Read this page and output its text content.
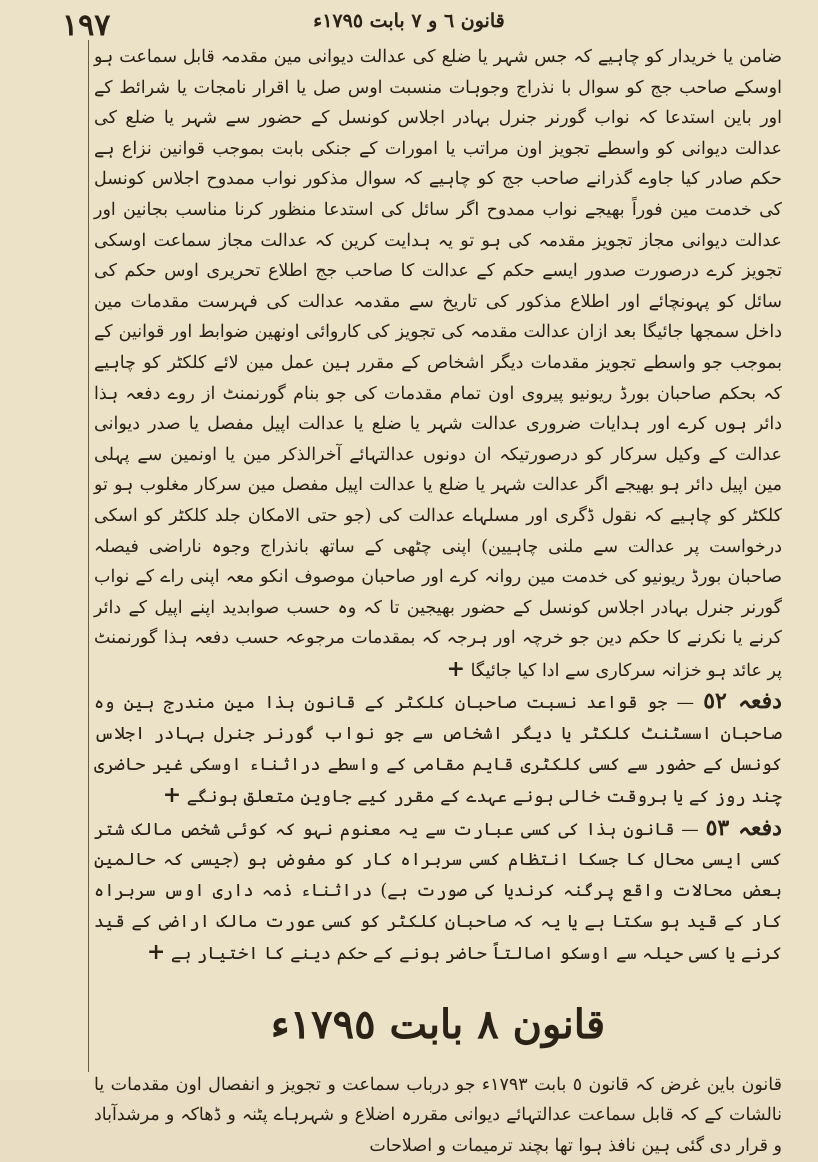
١٩٧	قانون ٦ و ٧ بابت ١٧٩٥ء

ضامن یا خریدار کو چاہیے کہ جس شہر یا ضلع کی عدالت دیوانی مین مقدمہ قابل سماعت ہو اوسکے صاحب جج کو سوال با نذراج وجوہات منسبت اوس صل یا اقرار نامجات یا شرائط کے اور باین استدعا کہ نواب گورنر جنرل بہادر اجلاس کونسل کے حضور سے شہر یا ضلع کی عدالت دیوانی کو واسطے تجویز اون مراتب یا امورات کے جنکی بابت بموجب قوانین نزاع ہے حکم صادر کیا جاوے گذرانے صاحب جج کو چاہیے کہ سوال مذکور نواب ممدوح اجلاس کونسل کی خدمت مین فوراً بھیجے نواب ممدوح اگر سائل کی استدعا منظور کرنا مناسب بجانین اور عدالت دیوانی مجاز تجویز مقدمہ کی ہو تو یہ ہدایت کرین کہ عدالت مجاز سماعت اوسکی تجویز کرے درصورت صدور ایسے حکم کے عدالت کا صاحب جج اطلاع تحریری اوس حکم کی سائل کو پہونچائے اور اطلاع مذکور کی تاریخ سے مقدمہ عدالت کی فہرست مقدمات مین داخل سمجھا جائیگا بعد ازان عدالت مقدمہ کی تجویز کی کاروائی اونھین ضوابط اور قوانین کے بموجب جو واسطے تجویز مقدمات دیگر اشخاص کے مقرر ہین عمل مین لائے کلکٹر کو چاہیے کہ بحکم صاحبان بورڈ ریونیو پیروی اون تمام مقدمات کی جو بنام گورنمنٹ از روے دفعہ ہذا دائر ہوں کرے اور ہدایات ضروری عدالت شہر یا ضلع یا عدالت اپیل مفصل یا صدر دیوانی عدالت کے وکیل سرکار کو درصورتیکہ ان دونوں عدالتہائے آخرالذکر مین یا اونمین سے پہلی مین اپیل دائر ہو بھیجے اگر عدالت شہر یا ضلع یا عدالت اپیل مفصل مین سرکار مغلوب ہو تو کلکٹر کو چاہیے کہ نقول ڈگری اور مسلہاے عدالت کی (جو حتی الامکان جلد کلکٹر کو اسکی درخواست پر عدالت سے ملنی چاہیین) اپنی چٹھی کے ساتھ بانذراج وجوہ ناراضی فیصلہ صاحبان بورڈ ریونیو کی خدمت مین روانہ کرے اور صاحبان موصوف انکو معہ اپنی راے کے نواب گورنر جنرل بہادر اجلاس کونسل کے حضور بھیجین تا کہ وہ حسب صوابدید اپنے اپیل کے دائر کرنے یا نکرنے کا حکم دین جو خرچہ اور ہرجہ کہ بمقدمات مرجوعہ حسب دفعہ ہذا گورنمنٹ پر عائد ہو خزانہ سرکاری سے ادا کیا جائیگا +

دفعہ ٥٢ — جو قواعد نسبت صاحبان کلکٹر کے قانون ہذا مین مندرج ہین وہ صاحبان اسسٹنٹ کلکٹر یا دیگر اشخاص سے جو نواب گورنر جنرل بہادر اجلاس کونسل کے حضور سے کسی کلکٹری قایم مقامی کے واسطے دراثناء اوسکی غیر حاضری چند روز کے یا بروقت خالی ہونے عہدے کے مقرر کیے جاوین متعلق ہونگے +

دفعہ ٥٣ — قانون ہذا کی کسی عبارت سے یہ معنوم نہو کہ کوئی شخص مالک شتر کسی ایسی محال کا جسکا انتظام کسی سربراہ کار کو مفوض ہو (جیسی کہ حالمین بعض محالات واقع پرگنہ کرندیا کی صورت ہے) دراثناء ذمہ داری اوس سربراہ کار کے قید ہو سکتا ہے یا یہ کہ صاحبان کلکٹر کو کسی عورت مالک اراضی کے قید کرنے یا کسی حیلہ سے اوسکو اصالتاً حاضر ہونے کے حکم دینے کا اختیار ہے +

قانون ٨ بابت ١٧٩٥ء

قانون باین غرض کہ قانون ٥ بابت ١٧٩٣ء جو درباب سماعت و تجویز و انفصال اون مقدمات یا نالشات کے کہ قابل سماعت عدالتہائے دیوانی مقررہ اضلاع و شہرہاے پٹنہ و ڈھاکہ و مرشدآباد و قرار دی گئی ہین نافذ ہوا تھا بچند ترمیمات و اصلاحات
